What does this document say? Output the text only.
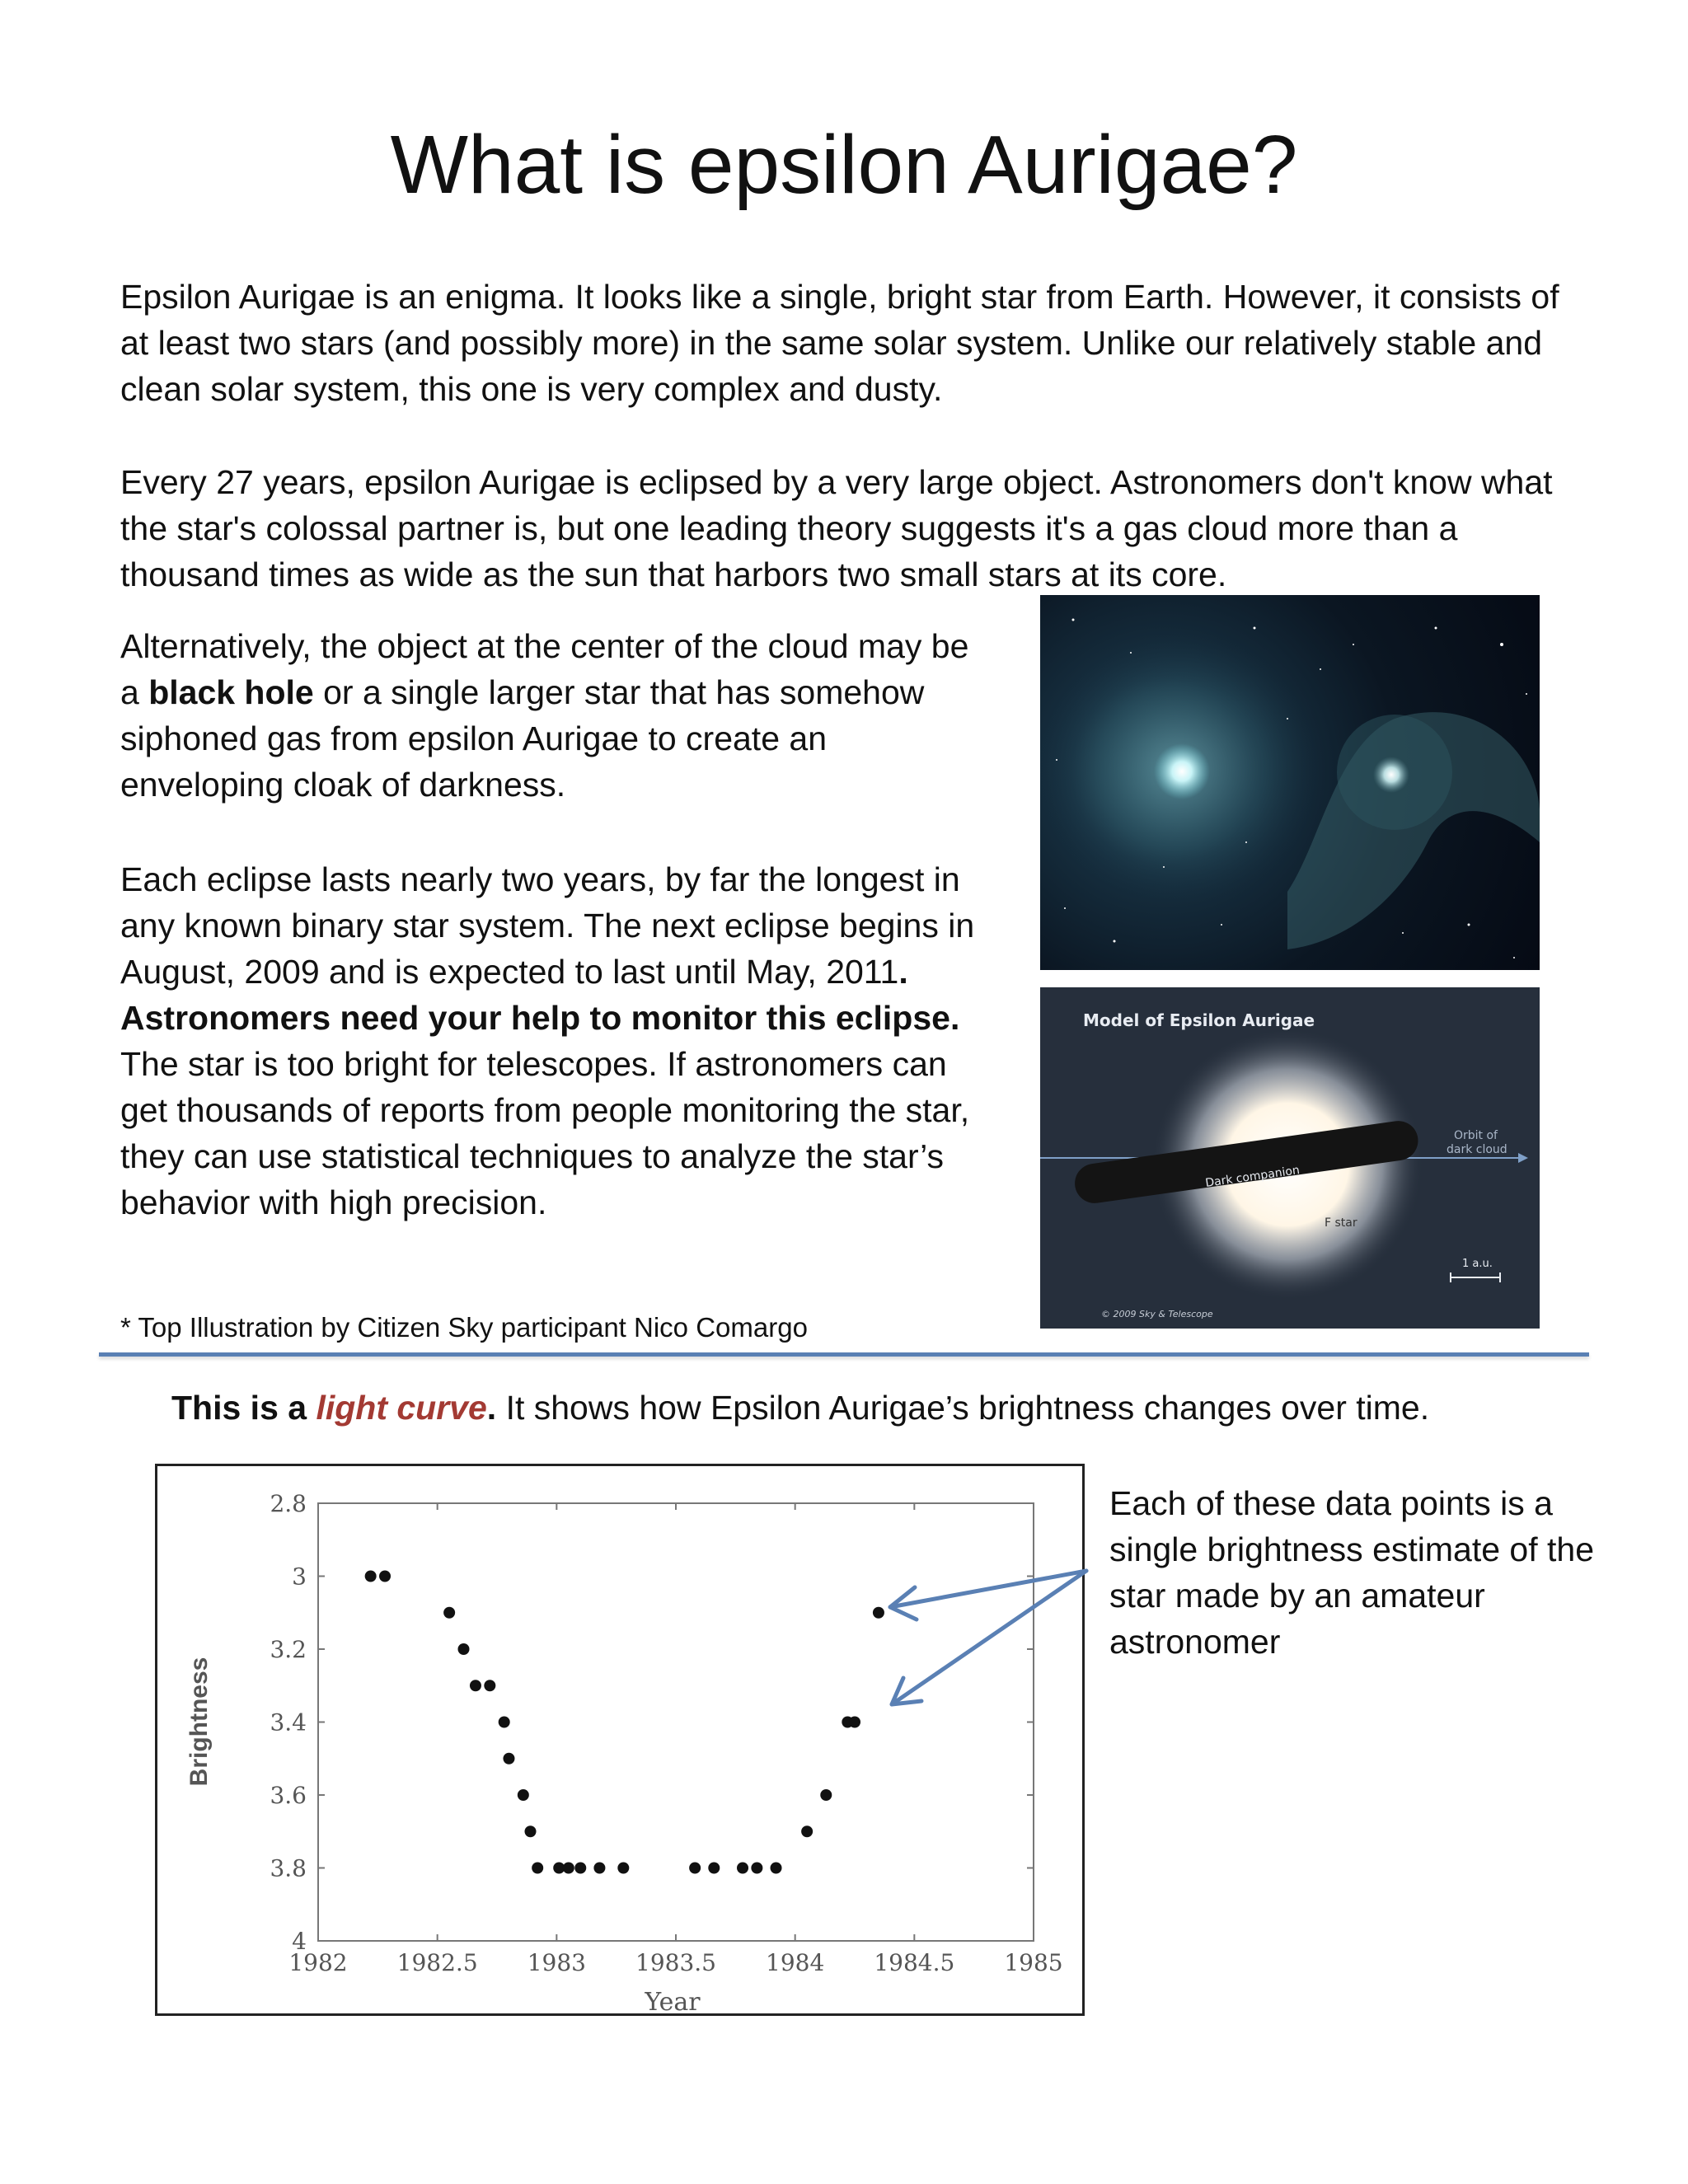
What is epsilon Aurigae?

Epsilon Aurigae is an enigma. It looks like a single, bright star from Earth. However, it consists of at least two stars (and possibly more) in the same solar system. Unlike our relatively stable and clean solar system, this one is very complex and dusty.

Every 27 years, epsilon Aurigae is eclipsed by a very large object. Astronomers don't know what the star's colossal partner is, but one leading theory suggests it's a gas cloud more than a thousand times as wide as the sun that harbors two small stars at its core.

Alternatively, the object at the center of the cloud may be a black hole or a single larger star that has somehow siphoned gas from epsilon Aurigae to create an enveloping cloak of darkness.

Each eclipse lasts nearly two years, by far the longest in any known binary star system. The next eclipse begins in August, 2009 and is expected to last until May, 2011. Astronomers need your help to monitor this eclipse. The star is too bright for telescopes. If astronomers can get thousands of reports from people monitoring the star, they can use statistical techniques to analyze the star’s behavior with high precision.

Model of Epsilon Aurigae
Orbit of
dark cloud
Dark companion
F star
1 a.u.
© 2009 Sky & Telescope
* Top Illustration by Citizen Sky participant Nico Comargo
This is a light curve. It shows how Epsilon Aurigae’s brightness changes over time.
1982 1982.5 1983 1983.5 1984 1984.5 1985
2.8
3
3.2
3.4
3.6
3.8
4
Year
Brightness
Each of these data points is a single brightness estimate of the star made by an amateur astronomer
